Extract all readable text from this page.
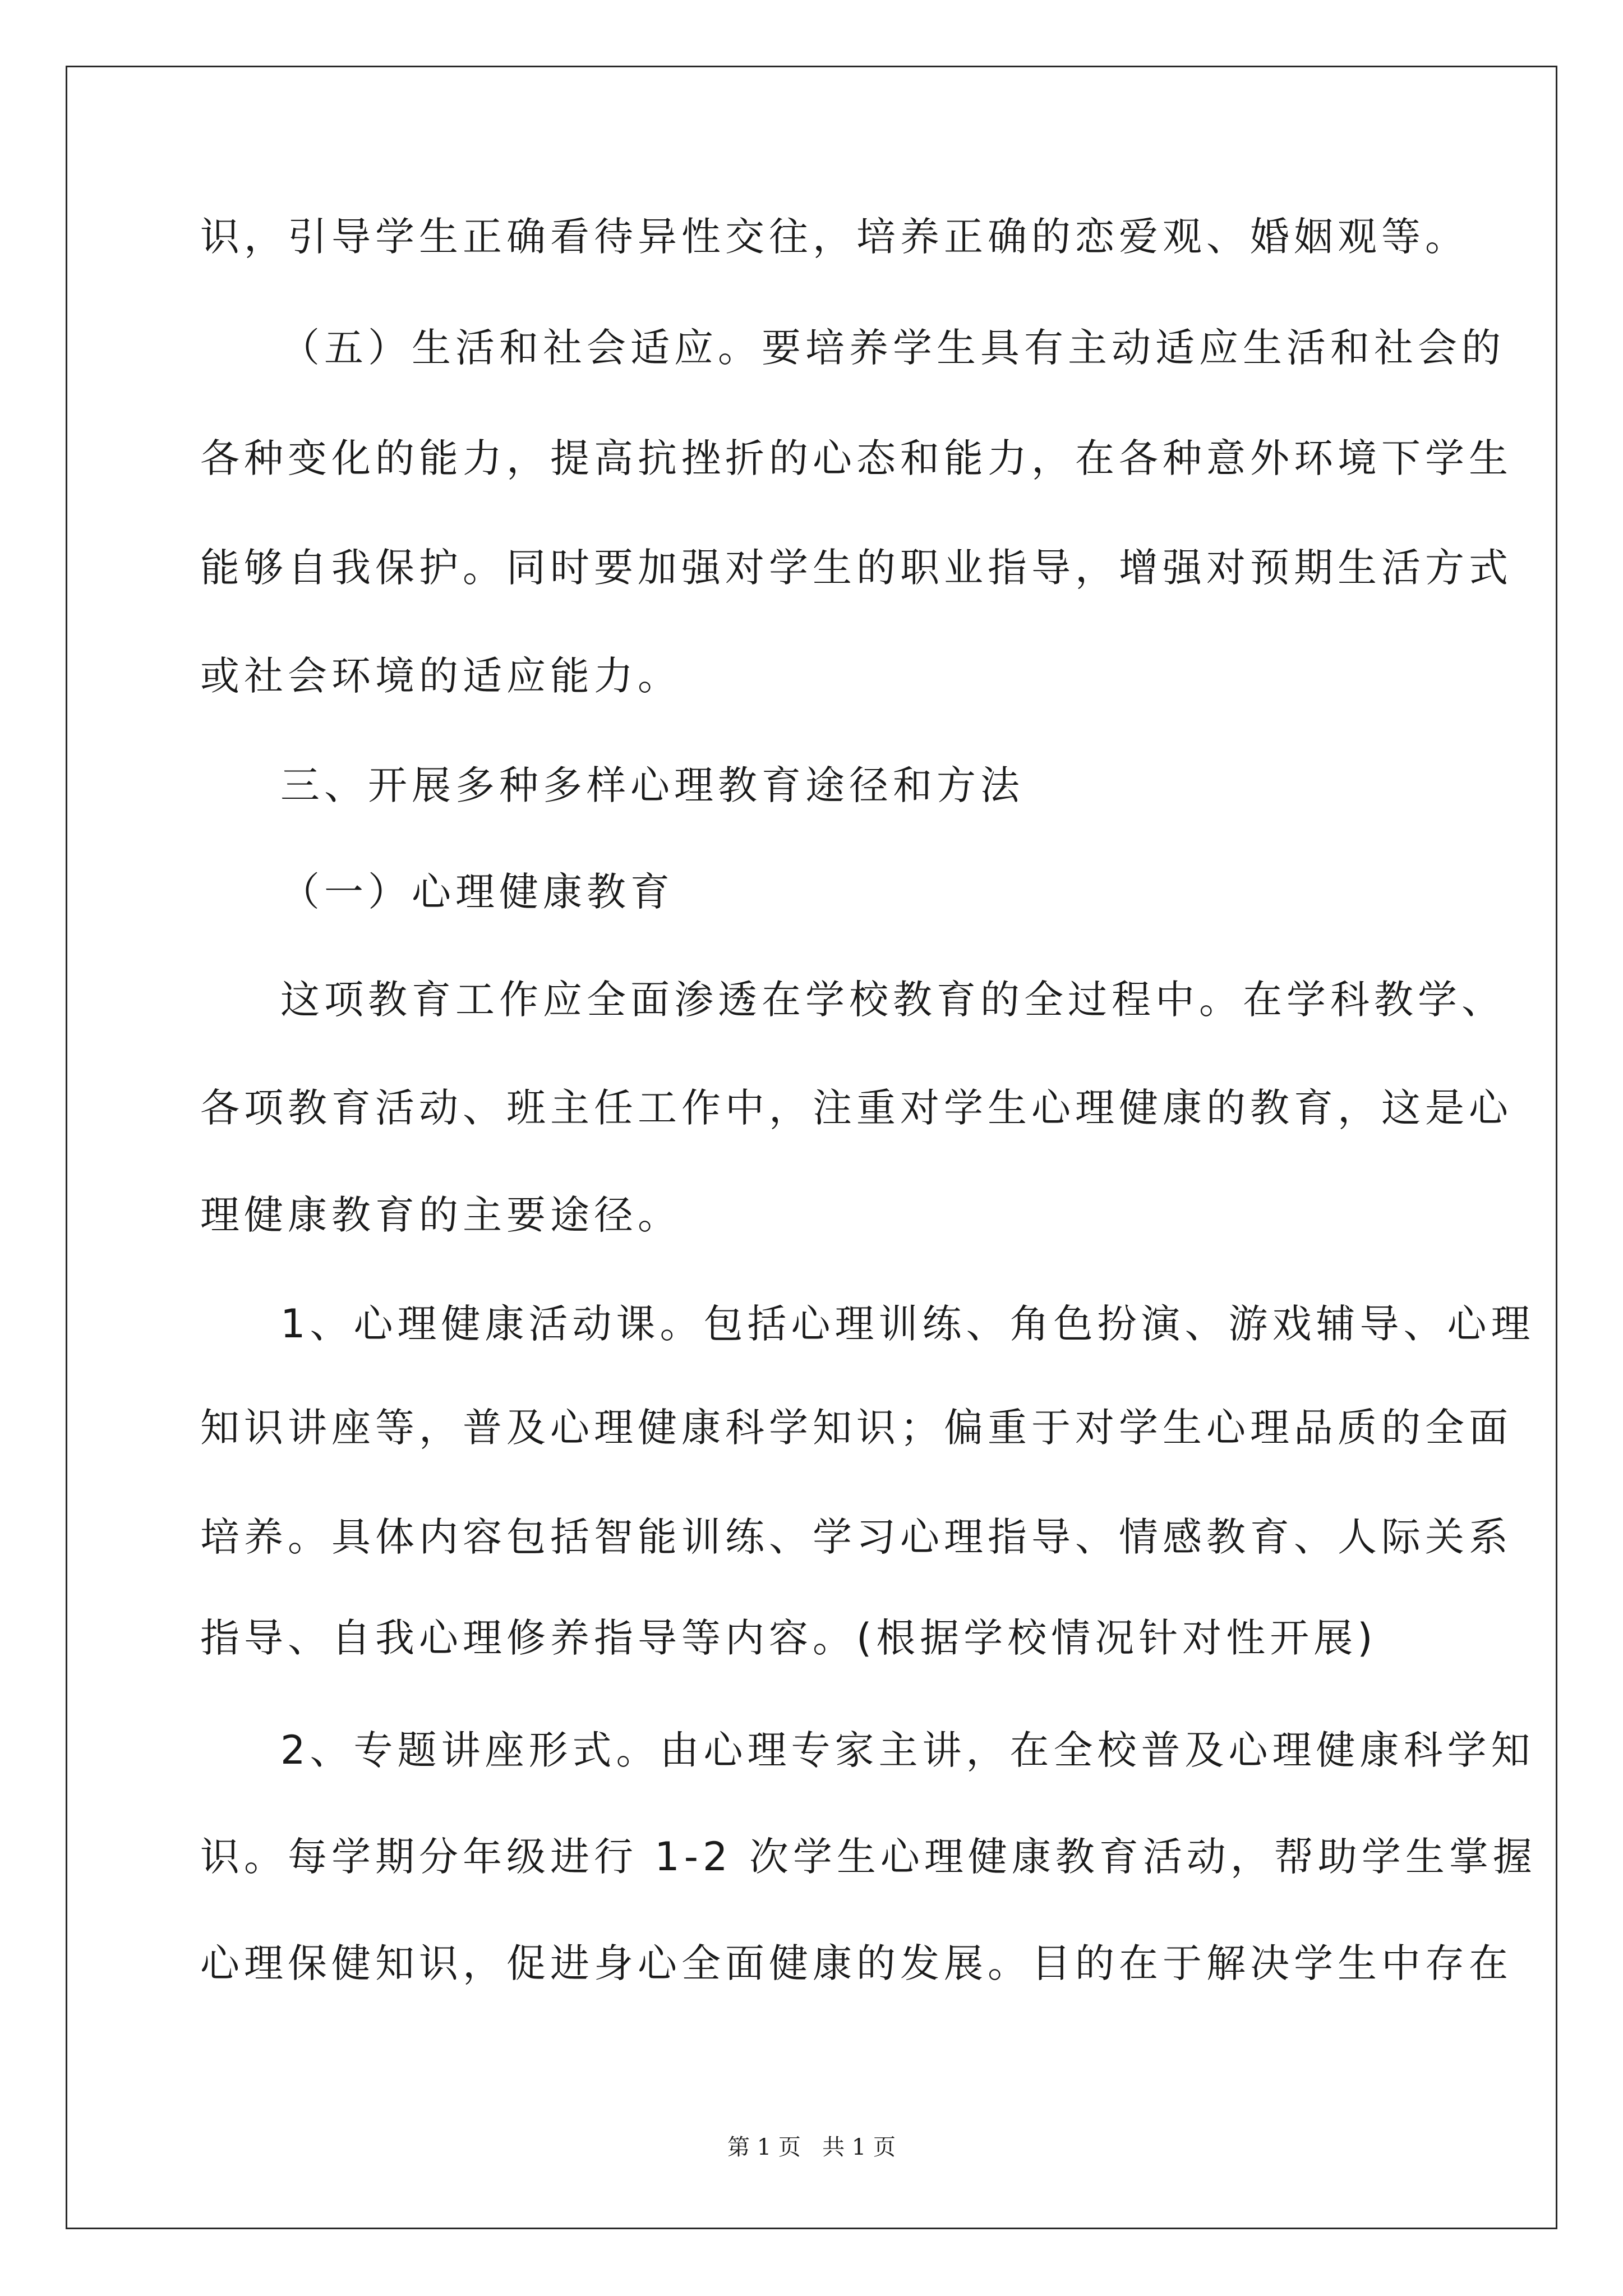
识，引导学生正确看待异性交往，培养正确的恋爱观、婚姻观等。
（五）生活和社会适应。要培养学生具有主动适应生活和社会的
各种变化的能力，提高抗挫折的心态和能力，在各种意外环境下学生
能够自我保护。同时要加强对学生的职业指导，增强对预期生活方式
或社会环境的适应能力。
三、开展多种多样心理教育途径和方法
（一）心理健康教育
这项教育工作应全面渗透在学校教育的全过程中。在学科教学、
各项教育活动、班主任工作中，注重对学生心理健康的教育，这是心
理健康教育的主要途径。
1、心理健康活动课。包括心理训练、角色扮演、游戏辅导、心理
知识讲座等，普及心理健康科学知识；偏重于对学生心理品质的全面
培养。具体内容包括智能训练、学习心理指导、情感教育、人际关系
指导、自我心理修养指导等内容。(根据学校情况针对性开展)
2、专题讲座形式。由心理专家主讲，在全校普及心理健康科学知
识。每学期分年级进行 1-2 次学生心理健康教育活动，帮助学生掌握
心理保健知识，促进身心全面健康的发展。目的在于解决学生中存在
第 1 页   共 1 页
